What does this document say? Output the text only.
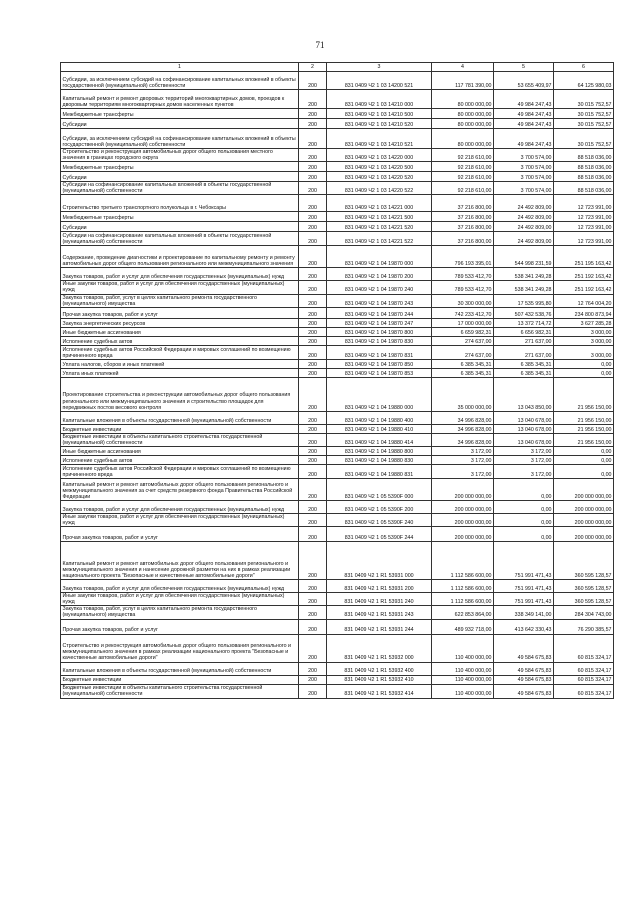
71
1	2	3	4	5	6
Субсидии, за исключением субсидий на софинансирование капитальных вложений в объекты государственной (муниципальной) собственности	200	831 0409 Ч2 1 03 14200 521	117 781 390,00	53 655 409,97	64 125 980,03
Капитальный ремонт и ремонт дворовых территорий многоквартирных домов, проездов к дворовым территориям многоквартирных домов населенных пунктов	200	831 0409 Ч2 1 03 14210 000	80 000 000,00	49 984 247,43	30 015 752,57
Межбюджетные трансферты	200	831 0409 Ч2 1 03 14210 500	80 000 000,00	49 984 247,43	30 015 752,57
Субсидии	200	831 0409 Ч2 1 03 14210 520	80 000 000,00	49 984 247,43	30 015 752,57
Субсидии, за исключением субсидий на софинансирование капитальных вложений в объекты государственной (муниципальной) собственности	200	831 0409 Ч2 1 03 14210 521	80 000 000,00	49 984 247,43	30 015 752,57
Строительство и реконструкция автомобильных дорог общего пользования местного значения в границах городского округа	200	831 0409 Ч2 1 03 14220 000	92 218 610,00	3 700 574,00	88 518 036,00
Межбюджетные трансферты	200	831 0409 Ч2 1 03 14220 500	92 218 610,00	3 700 574,00	88 518 036,00
Субсидии	200	831 0409 Ч2 1 03 14220 520	92 218 610,00	3 700 574,00	88 518 036,00
Субсидии на софинансирование капитальных вложений в объекты государственной (муниципальной) собственности	200	831 0409 Ч2 1 03 14220 522	92 218 610,00	3 700 574,00	88 518 036,00
Строительство третьего транспортного полукольца в г. Чебоксары	200	831 0409 Ч2 1 03 14221 000	37 216 800,00	24 492 809,00	12 723 991,00
Межбюджетные трансферты	200	831 0409 Ч2 1 03 14221 500	37 216 800,00	24 492 809,00	12 723 991,00
Субсидии	200	831 0409 Ч2 1 03 14221 520	37 216 800,00	24 492 809,00	12 723 991,00
Субсидии на софинансирование капитальных вложений в объекты государственной (муниципальной) собственности	200	831 0409 Ч2 1 03 14221 522	37 216 800,00	24 492 809,00	12 723 991,00
Содержание, проведение диагностики и проектирование по капитальному ремонту и ремонту автомобильных дорог общего пользования регионального или межмуниципального значения	200	831 0409 Ч2 1 04 19870 000	796 193 395,01	544 998 231,59	251 195 163,42
Закупка товаров, работ и услуг для обеспечения государственных (муниципальных) нужд	200	831 0409 Ч2 1 04 19870 200	789 533 412,70	538 341 249,28	251 192 163,42
Иные закупки товаров, работ и услуг для обеспечения государственных (муниципальных) нужд	200	831 0409 Ч2 1 04 19870 240	789 533 412,70	538 341 249,28	251 192 163,42
Закупка товаров, работ, услуг в целях капитального ремонта государственного (муниципального) имущества	200	831 0409 Ч2 1 04 19870 243	30 300 000,00	17 535 995,80	12 764 004,20
Прочая закупка товаров, работ и услуг	200	831 0409 Ч2 1 04 19870 244	742 233 412,70	507 432 538,76	234 800 873,94
Закупка энергетических ресурсов	200	831 0409 Ч2 1 04 19870 247	17 000 000,00	13 372 714,72	3 627 285,28
Иные бюджетные ассигнования	200	831 0409 Ч2 1 04 19870 800	6 659 982,31	6 656 982,31	3 000,00
Исполнение судебных актов	200	831 0409 Ч2 1 04 19870 830	274 637,00	271 637,00	3 000,00
Исполнение судебных актов Российской Федерации и мировых соглашений по возмещению причиненного вреда	200	831 0409 Ч2 1 04 19870 831	274 637,00	271 637,00	3 000,00
Уплата налогов, сборов и иных платежей	200	831 0409 Ч2 1 04 19870 850	6 385 345,31	6 385 345,31	0,00
Уплата иных платежей	200	831 0409 Ч2 1 04 19870 853	6 385 345,31	6 385 345,31	0,00
Проектирование строительства и реконструкции автомобильных дорог общего пользования регионального или межмуниципального значения и строительство площадок для передвижных постов весового контроля	200	831 0409 Ч2 1 04 19880 000	35 000 000,00	13 043 850,00	21 956 150,00
Капитальные вложения в объекты государственной (муниципальной) собственности	200	831 0409 Ч2 1 04 19880 400	34 996 828,00	13 040 678,00	21 956 150,00
Бюджетные инвестиции	200	831 0409 Ч2 1 04 19880 410	34 996 828,00	13 040 678,00	21 956 150,00
Бюджетные инвестиции в объекты капитального строительства государственной (муниципальной) собственности	200	831 0409 Ч2 1 04 19880 414	34 996 828,00	13 040 678,00	21 956 150,00
Иные бюджетные ассигнования	200	831 0409 Ч2 1 04 19880 800	3 172,00	3 172,00	0,00
Исполнение судебных актов	200	831 0409 Ч2 1 04 19880 830	3 172,00	3 172,00	0,00
Исполнение судебных актов Российской Федерации и мировых соглашений по возмещению причиненного вреда	200	831 0409 Ч2 1 04 19880 831	3 172,00	3 172,00	0,00
Капитальный ремонт и ремонт автомобильных дорог общего пользования регионального и межмуниципального значения за счет средств резервного фонда Правительства Российской Федерации	200	831 0409 Ч2 1 05 5390F 000	200 000 000,00	0,00	200 000 000,00
Закупка товаров, работ и услуг для обеспечения государственных (муниципальных) нужд	200	831 0409 Ч2 1 05 5390F 200	200 000 000,00	0,00	200 000 000,00
Иные закупки товаров, работ и услуг для обеспечения государственных (муниципальных) нужд	200	831 0409 Ч2 1 05 5390F 240	200 000 000,00	0,00	200 000 000,00
Прочая закупка товаров, работ и услуг	200	831 0409 Ч2 1 05 5390F 244	200 000 000,00	0,00	200 000 000,00
Капитальный ремонт и ремонт автомобильных дорог общего пользования регионального и межмуниципального значения и нанесение дорожной разметки на них в рамках реализации национального проекта "Безопасные и качественные автомобильные дороги"	200	831 0409 Ч2 1 R1 53931 000	1 112 586 600,00	751 991 471,43	360 595 128,57
Закупка товаров, работ и услуг для обеспечения государственных (муниципальных) нужд	200	831 0409 Ч2 1 R1 53931 200	1 112 586 600,00	751 991 471,43	360 595 128,57
Иные закупки товаров, работ и услуг для обеспечения государственных (муниципальных) нужд	200	831 0409 Ч2 1 R1 53931 240	1 112 586 600,00	751 991 471,43	360 595 128,57
Закупка товаров, работ, услуг в целях капитального ремонта государственного (муниципального) имущества	200	831 0409 Ч2 1 R1 53931 243	622 853 864,00	338 349 141,00	284 304 743,00
Прочая закупка товаров, работ и услуг	200	831 0409 Ч2 1 R1 53931 244	489 932 718,00	413 642 330,43	76 290 385,57
Строительство и реконструкция автомобильных дорог общего пользования регионального и межмуниципального значения в рамках реализации национального проекта "Безопасные и качественные автомобильные дороги"	200	831 0409 Ч2 1 R1 53932 000	110 400 000,00	49 584 675,83	60 815 324,17
Капитальные вложения в объекты государственной (муниципальной) собственности	200	831 0409 Ч2 1 R1 53932 400	110 400 000,00	49 584 675,83	60 815 324,17
Бюджетные инвестиции	200	831 0409 Ч2 1 R1 53932 410	110 400 000,00	49 584 675,83	60 815 324,17
Бюджетные инвестиции в объекты капитального строительства государственной (муниципальной) собственности	200	831 0409 Ч2 1 R1 53932 414	110 400 000,00	49 584 675,83	60 815 324,17
